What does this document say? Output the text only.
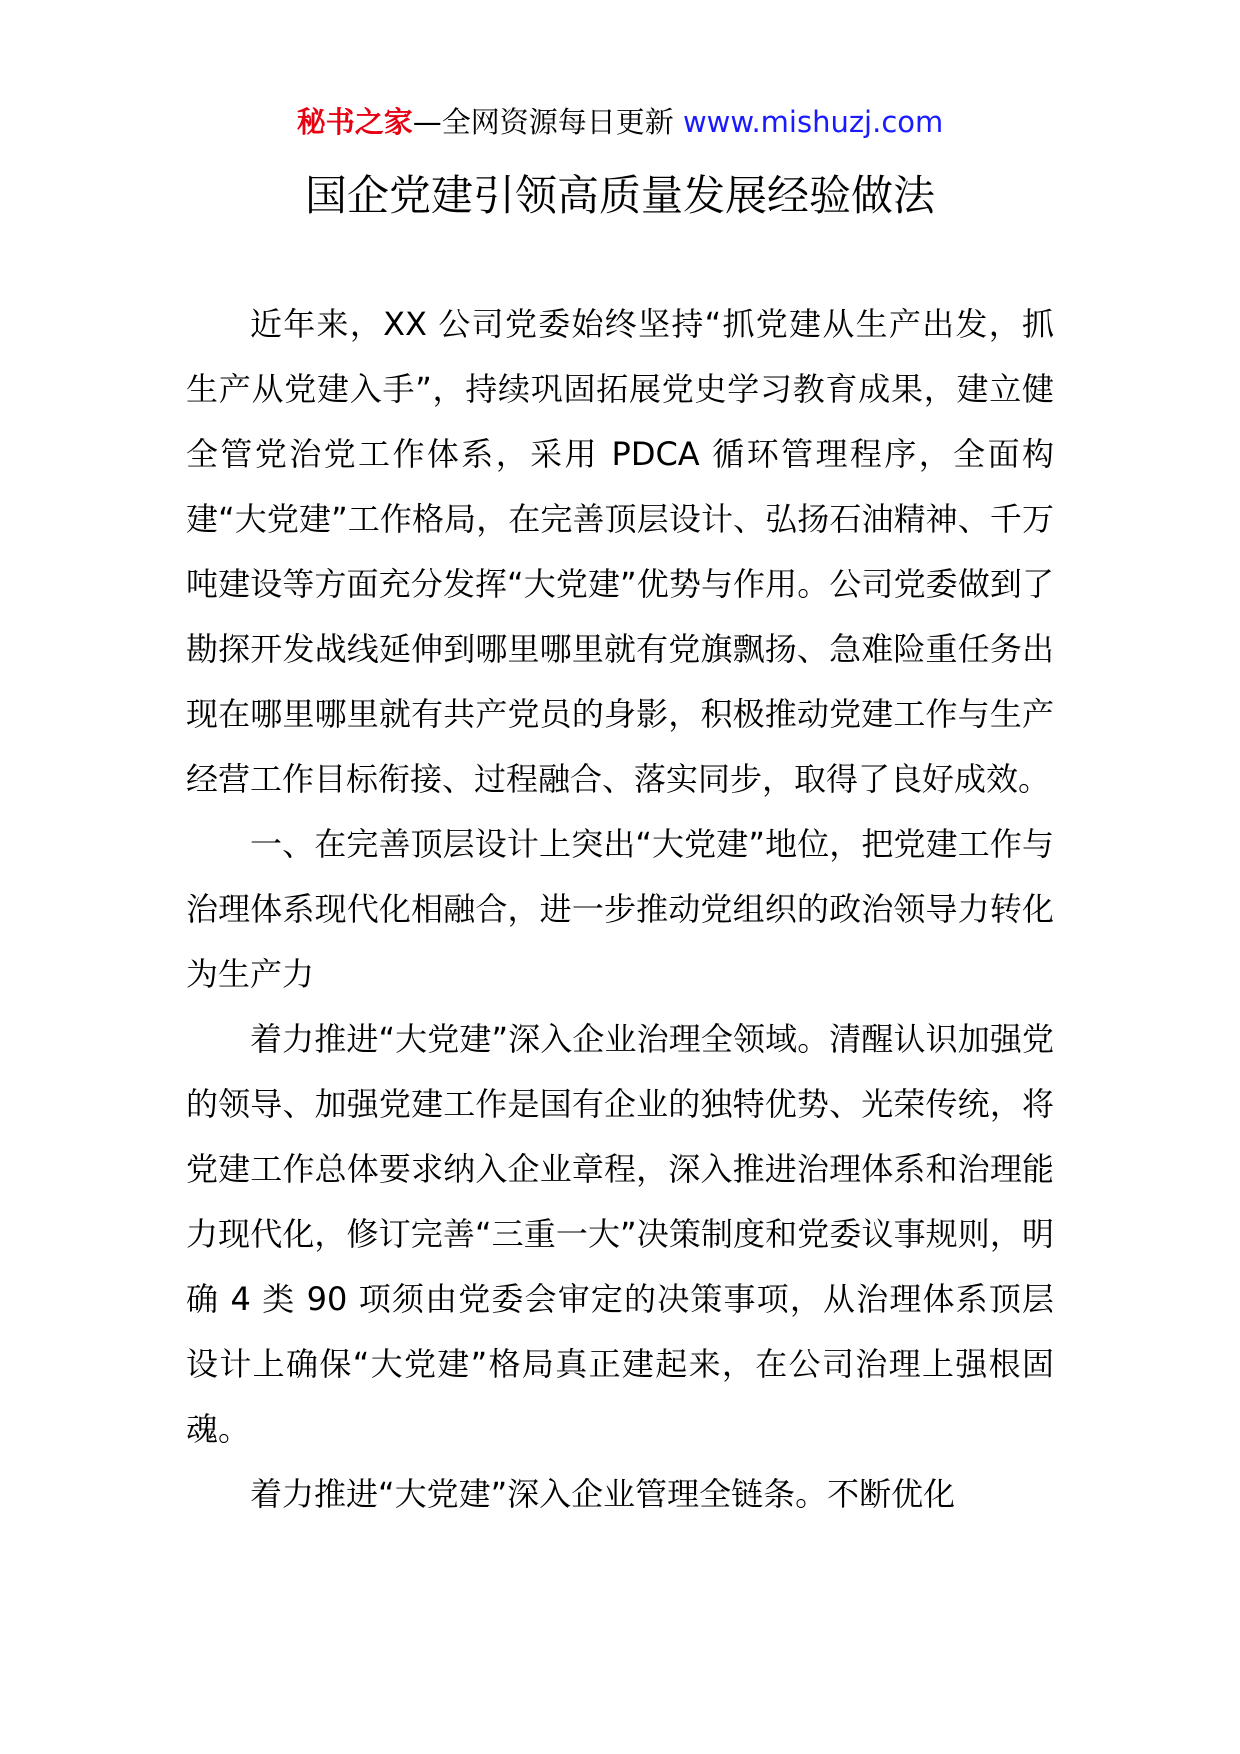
秘书之家—全网资源每日更新 www.mishuzj.com
国企党建引领高质量发展经验做法

近年来，XX 公司党委始终坚持“抓党建从生产出发，抓生产从党建入手”，持续巩固拓展党史学习教育成果，建立健全管党治党工作体系，采用 PDCA 循环管理程序，全面构建“大党建”工作格局，在完善顶层设计、弘扬石油精神、千万吨建设等方面充分发挥“大党建”优势与作用。公司党委做到了勘探开发战线延伸到哪里哪里就有党旗飘扬、急难险重任务出现在哪里哪里就有共产党员的身影，积极推动党建工作与生产经营工作目标衔接、过程融合、落实同步，取得了良好成效。

一、在完善顶层设计上突出“大党建”地位，把党建工作与治理体系现代化相融合，进一步推动党组织的政治领导力转化为生产力

着力推进“大党建”深入企业治理全领域。清醒认识加强党的领导、加强党建工作是国有企业的独特优势、光荣传统，将党建工作总体要求纳入企业章程，深入推进治理体系和治理能力现代化，修订完善“三重一大”决策制度和党委议事规则，明确 4 类 90 项须由党委会审定的决策事项，从治理体系顶层设计上确保“大党建”格局真正建起来，在公司治理上强根固魂。

着力推进“大党建”深入企业管理全链条。不断优化
